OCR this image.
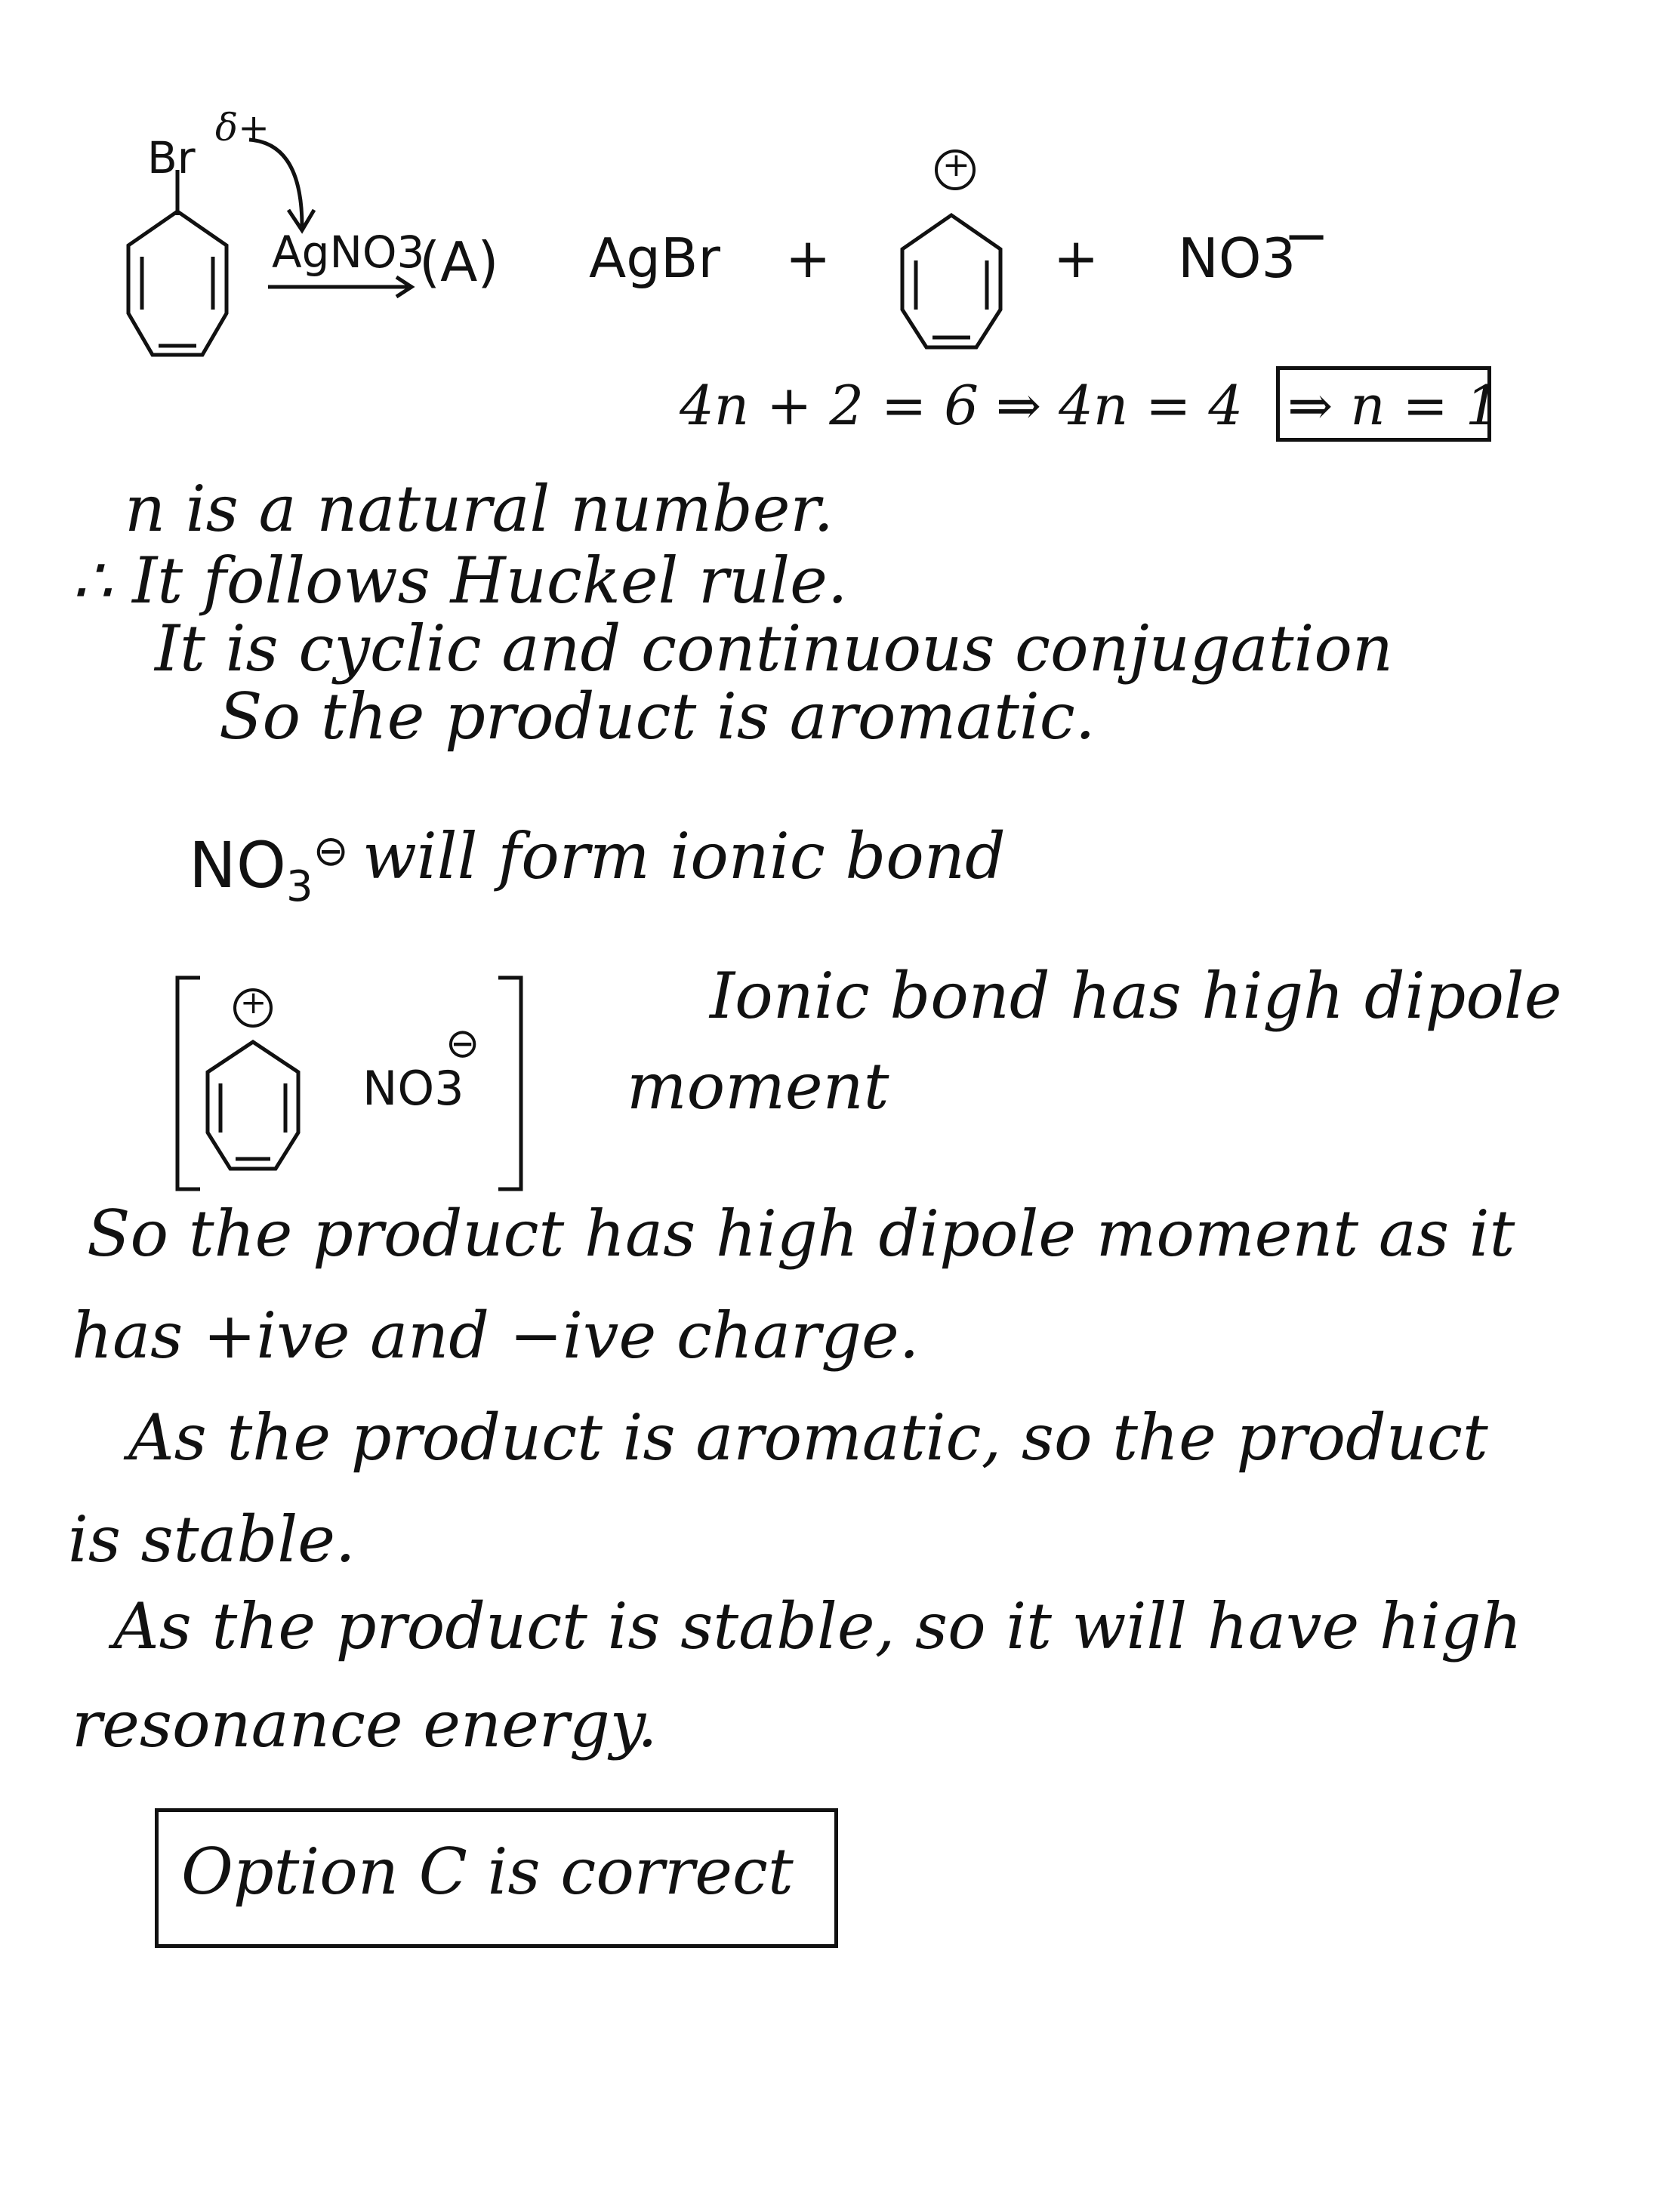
Br
δ+
AgNO3
(A) AgBr +
+
+ NO3
−
4n + 2 = 6 ⇒ 4n = 4 ⇒ n = 1
n is a natural number.
∴ It follows Huckel rule.
It is cyclic and continuous conjugation
So the product is aromatic.
$NO_3^⊖$ will form ionic bond
+
NO3
⊖
Ionic bond has high dipole
moment
So the product has high dipole moment as it
has +ive and −ive charge.
As the product is aromatic, so the product
is stable.
As the product is stable, so it will have high
resonance energy.
Option C is correct
